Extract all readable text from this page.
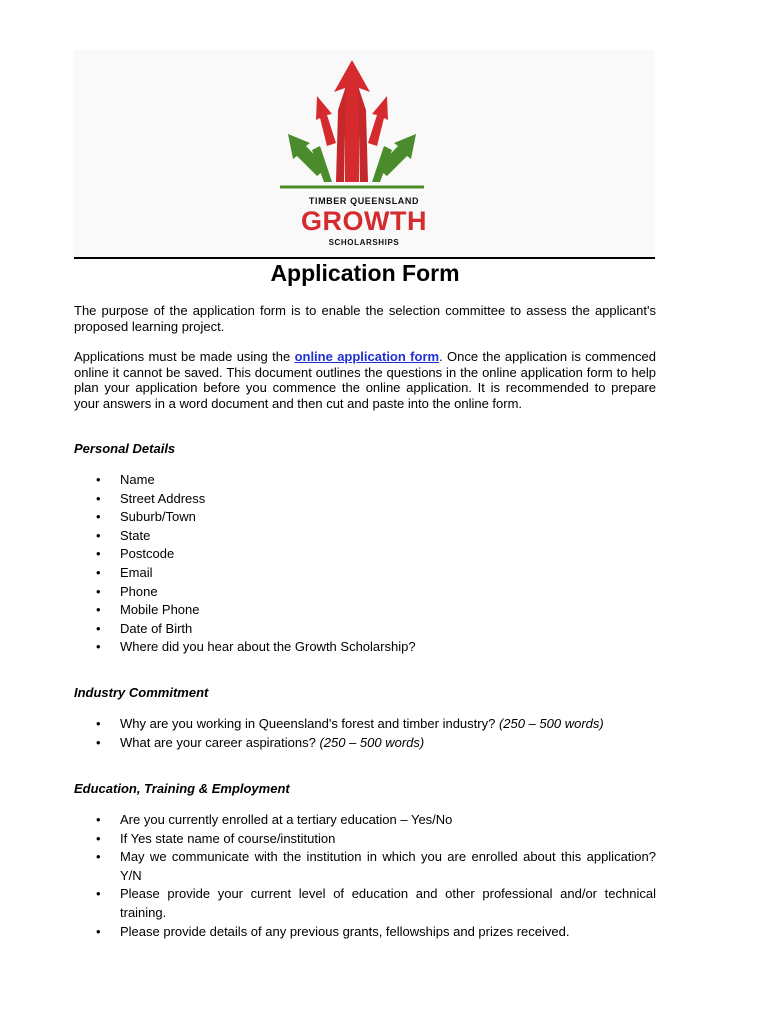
TIMBER QUEENSLAND
GROWTH
SCHOLARSHIPS
Application Form

The purpose of the application form is to enable the selection committee to assess the applicant's proposed learning project.

Applications must be made using the online application form. Once the application is commenced online it cannot be saved. This document outlines the questions in the online application form to help plan your application before you commence the online application. It is recommended to prepare your answers in a word document and then cut and paste into the online form.

Personal Details
• Name
• Street Address
• Suburb/Town
• State
• Postcode
• Email
• Phone
• Mobile Phone
• Date of Birth
• Where did you hear about the Growth Scholarship?
Industry Commitment
• Why are you working in Queensland's forest and timber industry? (250 – 500 words)
• What are your career aspirations? (250 – 500 words)
Education, Training & Employment
• Are you currently enrolled at a tertiary education – Yes/No
• If Yes state name of course/institution
• May we communicate with the institution in which you are enrolled about this application? Y/N
• Please provide your current level of education and other professional and/or technical training.
• Please provide details of any previous grants, fellowships and prizes received.
